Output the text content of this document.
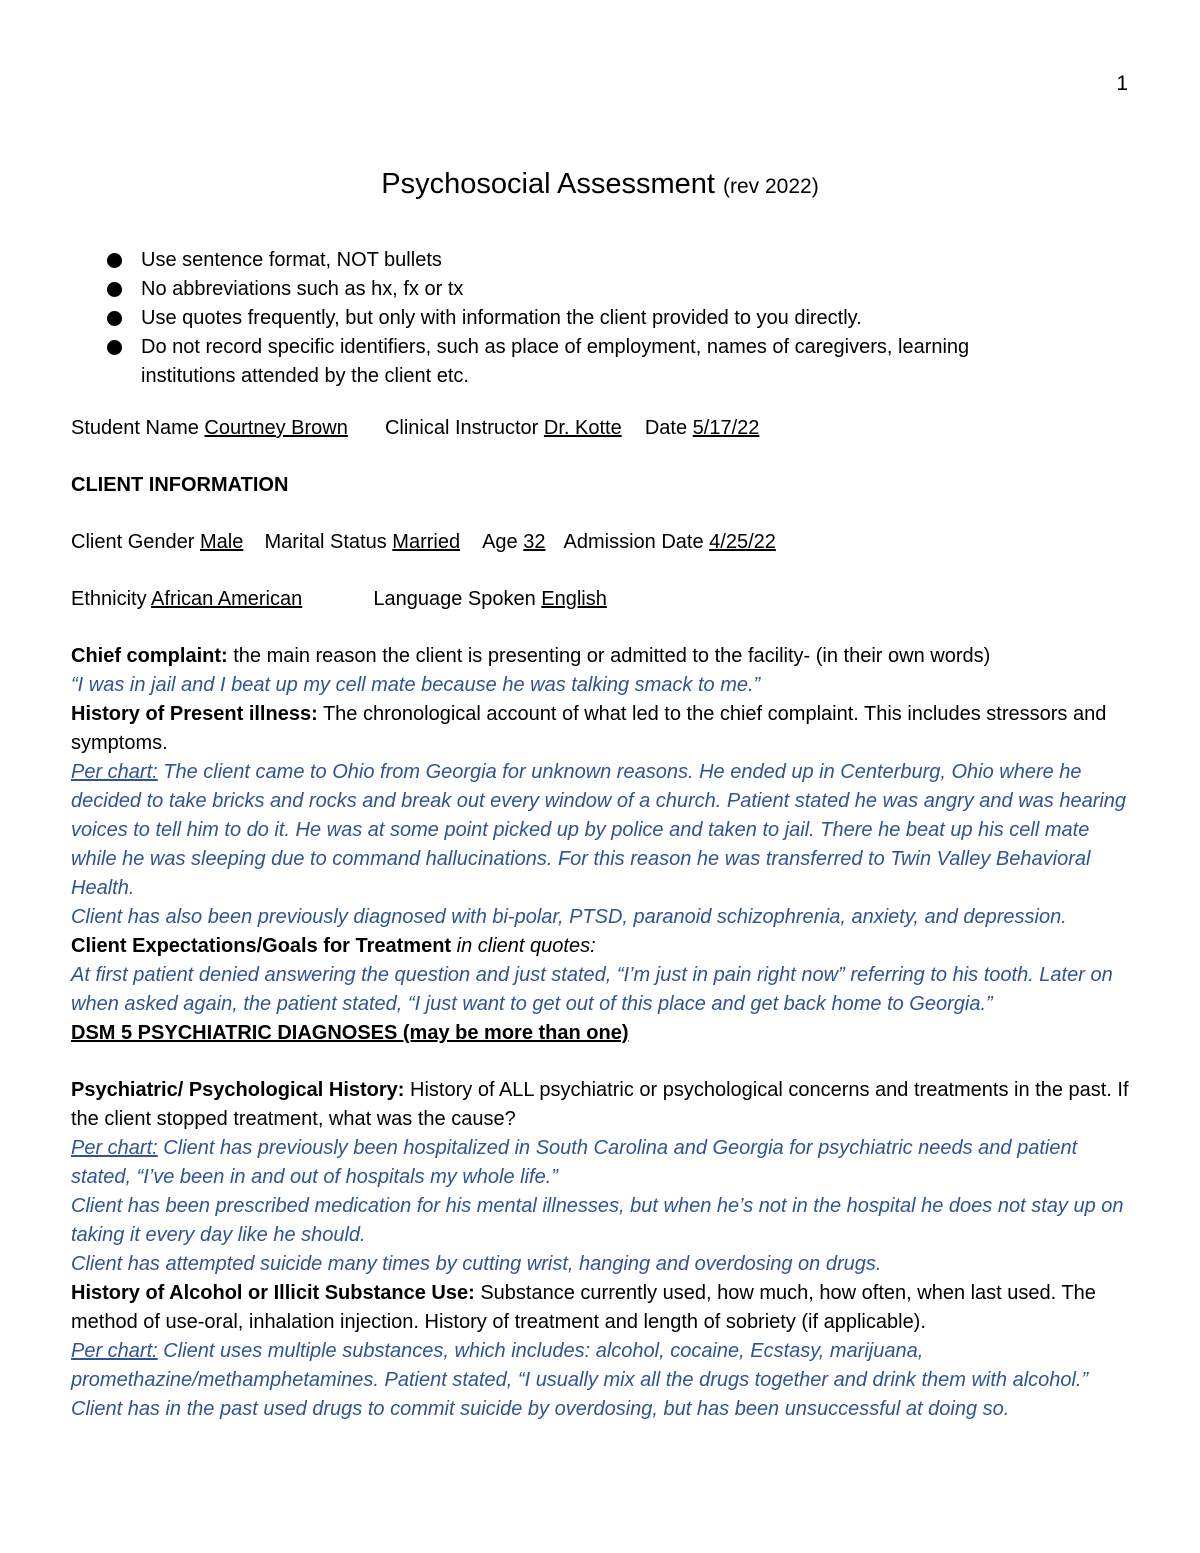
1
Psychosocial Assessment (rev 2022)
Use sentence format, NOT bullets
No abbreviations such as hx, fx or tx
Use quotes frequently, but only with information the client provided to you directly.
Do not record specific identifiers, such as place of employment, names of caregivers, learning institutions attended by the client etc.

Student Name Courtney Brown Clinical Instructor Dr. Kotte Date 5/17/22

CLIENT INFORMATION

Client Gender Male Marital Status Married Age 32 Admission Date 4/25/22

Ethnicity African American	Language Spoken English

Chief complaint: the main reason the client is presenting or admitted to the facility- (in their own words)

“I was in jail and I beat up my cell mate because he was talking smack to me.”

History of Present illness: The chronological account of what led to the chief complaint. This includes stressors and symptoms.

Per chart: The client came to Ohio from Georgia for unknown reasons. He ended up in Centerburg, Ohio where he decided to take bricks and rocks and break out every window of a church. Patient stated he was angry and was hearing voices to tell him to do it. He was at some point picked up by police and taken to jail. There he beat up his cell mate while he was sleeping due to command hallucinations. For this reason he was transferred to Twin Valley Behavioral Health.

Client has also been previously diagnosed with bi-polar, PTSD, paranoid schizophrenia, anxiety, and depression.

Client Expectations/Goals for Treatment in client quotes:

At first patient denied answering the question and just stated, “I’m just in pain right now” referring to his tooth. Later on when asked again, the patient stated, “I just want to get out of this place and get back home to Georgia.”

DSM 5 PSYCHIATRIC DIAGNOSES (may be more than one)

Psychiatric/ Psychological History: History of ALL psychiatric or psychological concerns and treatments in the past. If the client stopped treatment, what was the cause?

Per chart: Client has previously been hospitalized in South Carolina and Georgia for psychiatric needs and patient stated, “I’ve been in and out of hospitals my whole life.”

Client has been prescribed medication for his mental illnesses, but when he’s not in the hospital he does not stay up on taking it every day like he should.

Client has attempted suicide many times by cutting wrist, hanging and overdosing on drugs.

History of Alcohol or Illicit Substance Use: Substance currently used, how much, how often, when last used. The method of use-oral, inhalation injection. History of treatment and length of sobriety (if applicable).

Per chart: Client uses multiple substances, which includes: alcohol, cocaine, Ecstasy, marijuana, promethazine/methamphetamines. Patient stated, “I usually mix all the drugs together and drink them with alcohol.”

Client has in the past used drugs to commit suicide by overdosing, but has been unsuccessful at doing so.
